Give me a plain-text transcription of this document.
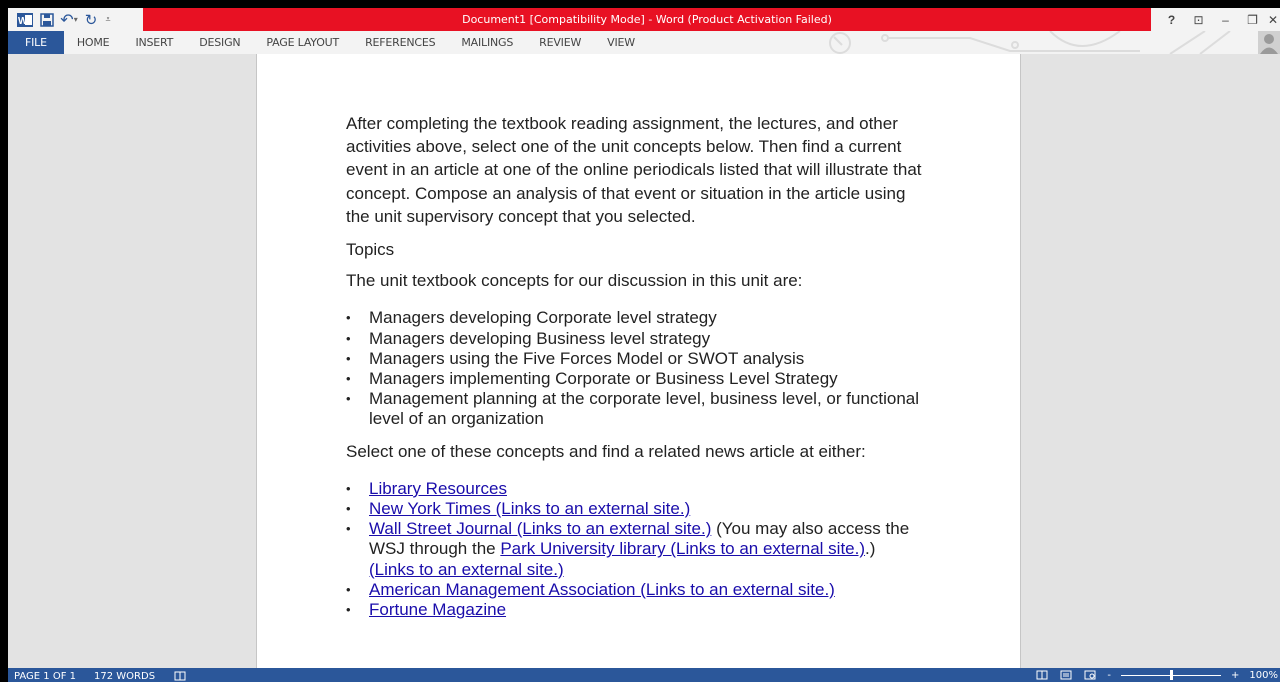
W ↶ ▾ ↻ ⩡	Document1 [Compatibility Mode] - Word (Product Activation Failed)	?	⊡	–	❐ ✕
FILE	HOME	INSERT	DESIGN	PAGE LAYOUT	REFERENCES	MAILINGS	REVIEW	VIEW

After completing the textbook reading assignment, the lectures, and other activities above, select one of the unit concepts below. Then find a current event in an article at one of the online periodicals listed that will illustrate that concept. Compose an analysis of that event or situation in the article using the unit supervisory concept that you selected.

Topics

The unit textbook concepts for our discussion in this unit are:

• Managers developing Corporate level strategy
• Managers developing Business level strategy
• Managers using the Five Forces Model or SWOT analysis
• Managers implementing Corporate or Business Level Strategy
• Management planning at the corporate level, business level, or functional level of an organization

Select one of these concepts and find a related news article at either:

• Library Resources
• New York Times (Links to an external site.)
• Wall Street Journal (Links to an external site.) (You may also access the WSJ through the Park University library (Links to an external site.).) (Links to an external site.)
• American Management Association (Links to an external site.)
• Fortune Magazine
PAGE 1 OF 1 172 WORDS	-	+ 100%
